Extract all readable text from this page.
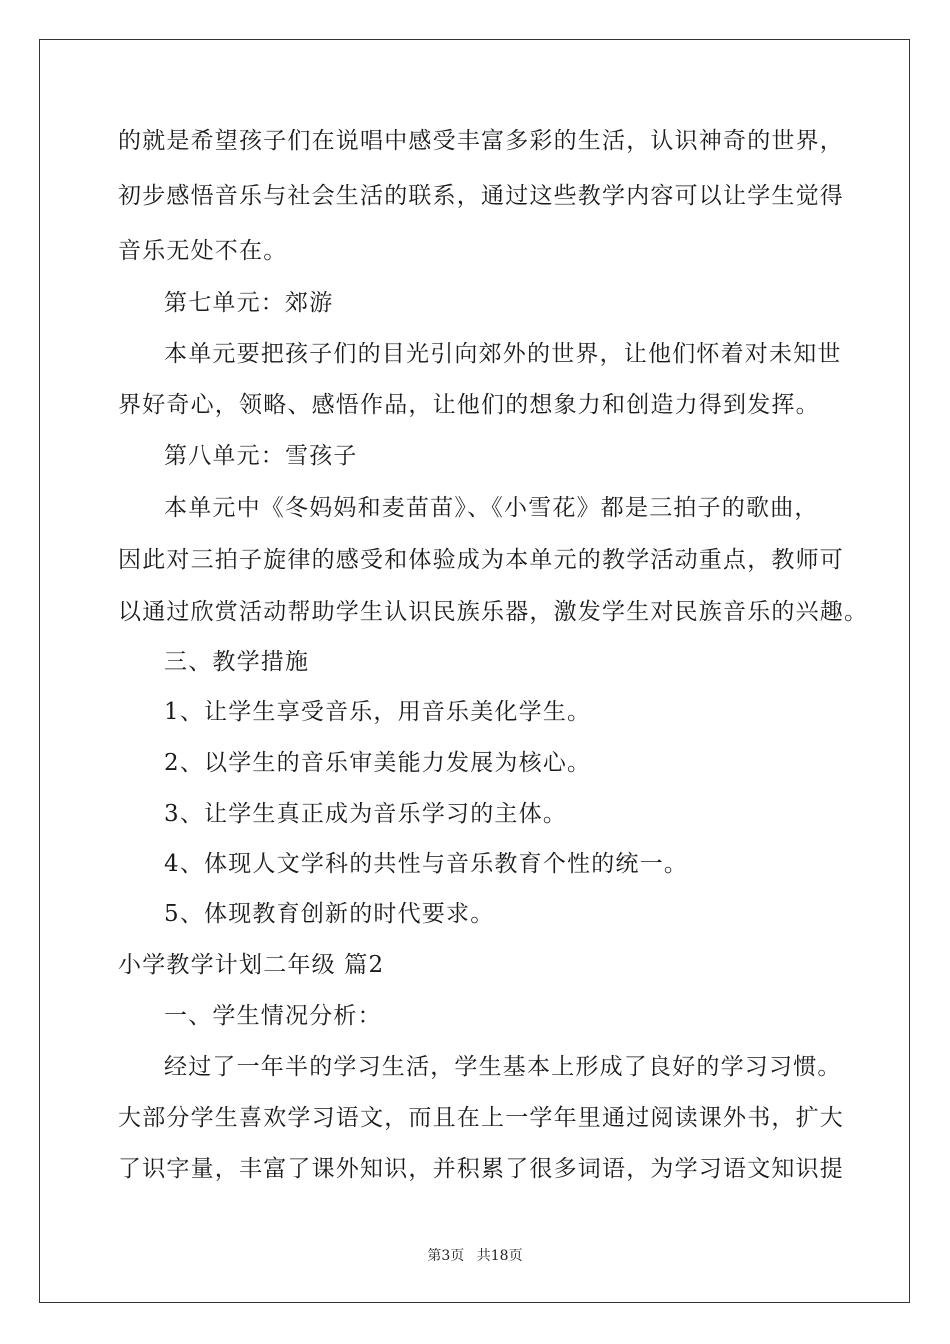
的就是希望孩子们在说唱中感受丰富多彩的生活，认识神奇的世界，
初步感悟音乐与社会生活的联系，通过这些教学内容可以让学生觉得
音乐无处不在。
第七单元：郊游
本单元要把孩子们的目光引向郊外的世界，让他们怀着对未知世
界好奇心，领略、感悟作品，让他们的想象力和创造力得到发挥。
第八单元：雪孩子
本单元中《冬妈妈和麦苗苗》、《小雪花》都是三拍子的歌曲，
因此对三拍子旋律的感受和体验成为本单元的教学活动重点，教师可
以通过欣赏活动帮助学生认识民族乐器，激发学生对民族音乐的兴趣。
三、教学措施
1、让学生享受音乐，用音乐美化学生。
2、以学生的音乐审美能力发展为核心。
3、让学生真正成为音乐学习的主体。
4、体现人文学科的共性与音乐教育个性的统一。
5、体现教育创新的时代要求。
小学教学计划二年级 篇2
一、学生情况分析：
经过了一年半的学习生活，学生基本上形成了良好的学习习惯。
大部分学生喜欢学习语文，而且在上一学年里通过阅读课外书，扩大
了识字量，丰富了课外知识，并积累了很多词语，为学习语文知识提
第3页 共18页
